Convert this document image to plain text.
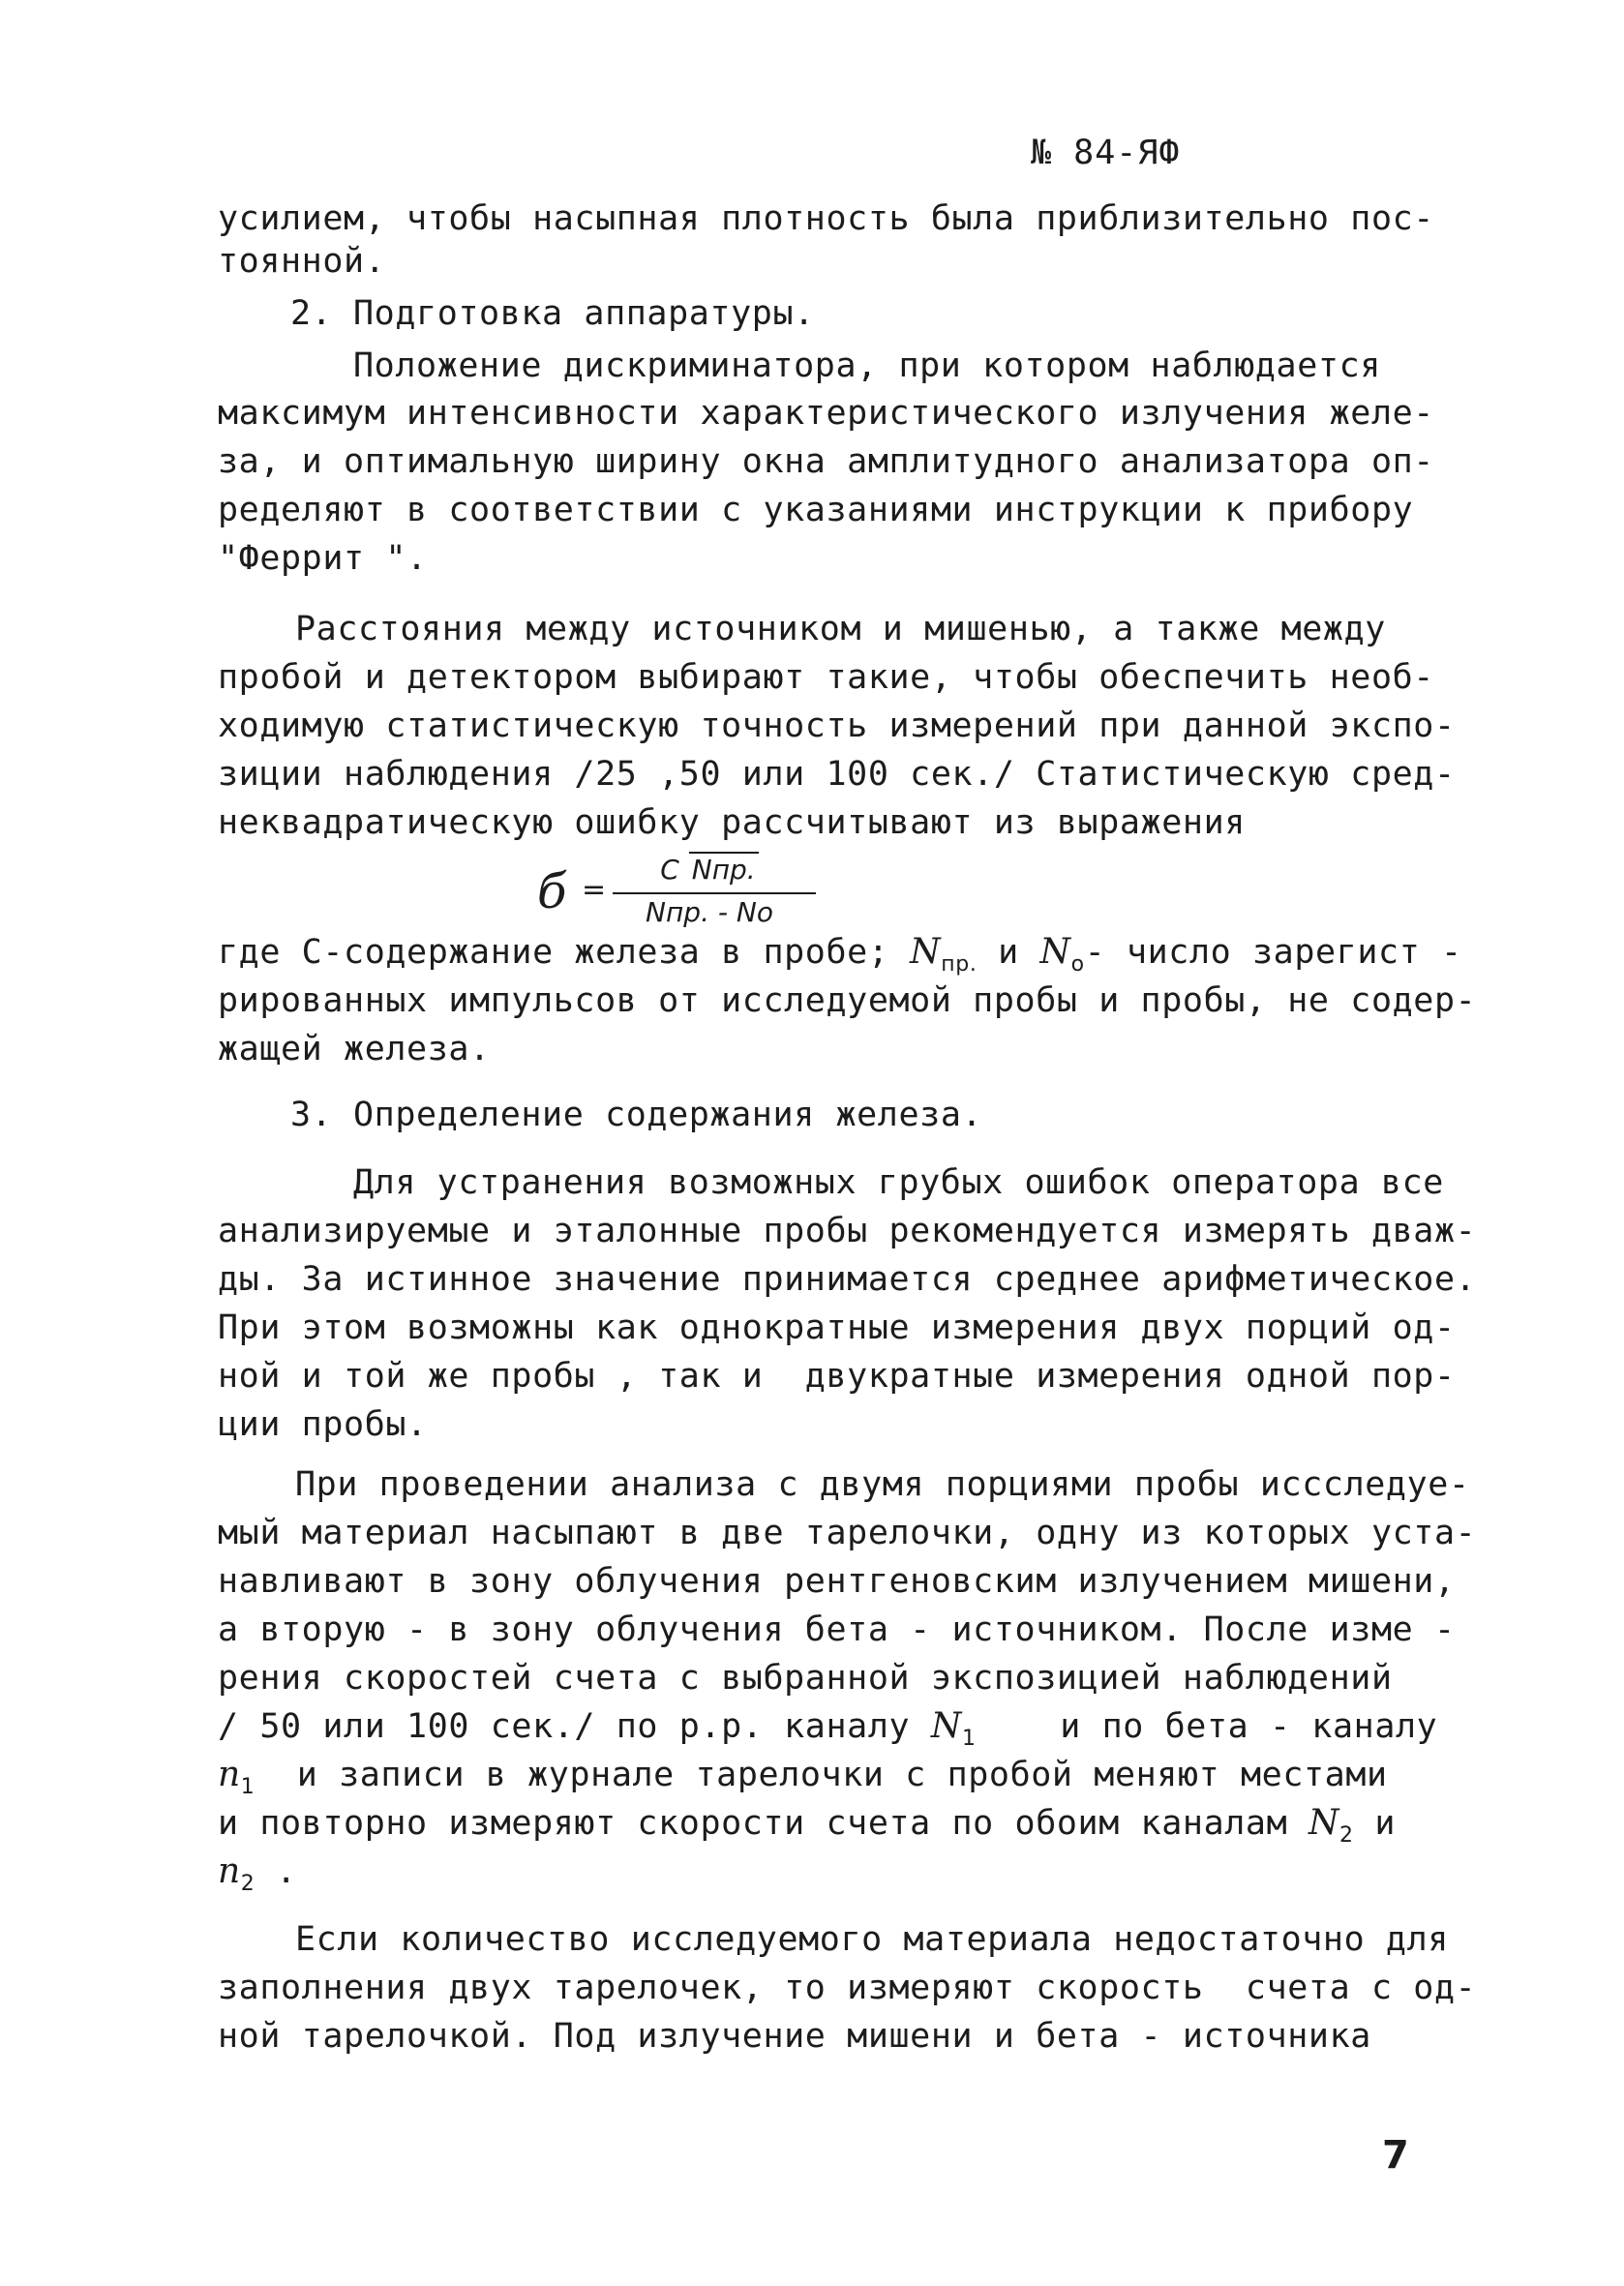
№ 84-ЯФ
усилием, чтобы насыпная плотность была приблизительно пос-
тоянной.
2. Подготовка аппаратуры.
Положение дискриминатора, при котором наблюдается
максимум интенсивности характеристического излучения желе-
за, и оптимальную ширину окна амплитудного анализатора оп-
ределяют в соответствии с указаниями инструкции к прибору
"Феррит ".
Расстояния между источником и мишенью, а также между
пробой и детектором выбирают такие, чтобы обеспечить необ-
ходимую статистическую точность измерений при данной экспо-
зиции наблюдения /25 ,50 или 100 сек./ Статистическую сред-
неквадратическую ошибку рассчитывают из выражения
б =
C Nпр.
Nпр. - No
где С-содержание железа в пробе; $N_{пр.}$ и $N_о-$ число зарегист -
рированных импульсов от исследуемой пробы и пробы, не содер-
жащей железа.
3. Определение содержания железа.
Для устранения возможных грубых ошибок оператора все
анализируемые и эталонные пробы рекомендуется измерять дваж-
ды. За истинное значение принимается среднее арифметическое.
При этом возможны как однократные измерения двух порций од-
ной и той же пробы , так и  двукратные измерения одной пор-
ции пробы.
При проведении анализа с двумя порциями пробы иссследуе-
мый материал насыпают в две тарелочки, одну из которых уста-
навливают в зону облучения рентгеновским излучением мишени,
а вторую - в зону облучения бета - источником. После изме -
рения скоростей счета с выбранной экспозицией наблюдений
/ 50 или 100 сек./ по р.р. каналу $N_1$    и по бета - каналу
$n_1$  и записи в журнале тарелочки с пробой меняют местами
и повторно измеряют скорости счета по обоим каналам $N_2$ и
$n_2$ .
Если количество исследуемого материала недостаточно для
заполнения двух тарелочек, то измеряют скорость  счета с од-
ной тарелочкой. Под излучение мишени и бета - источника
7
